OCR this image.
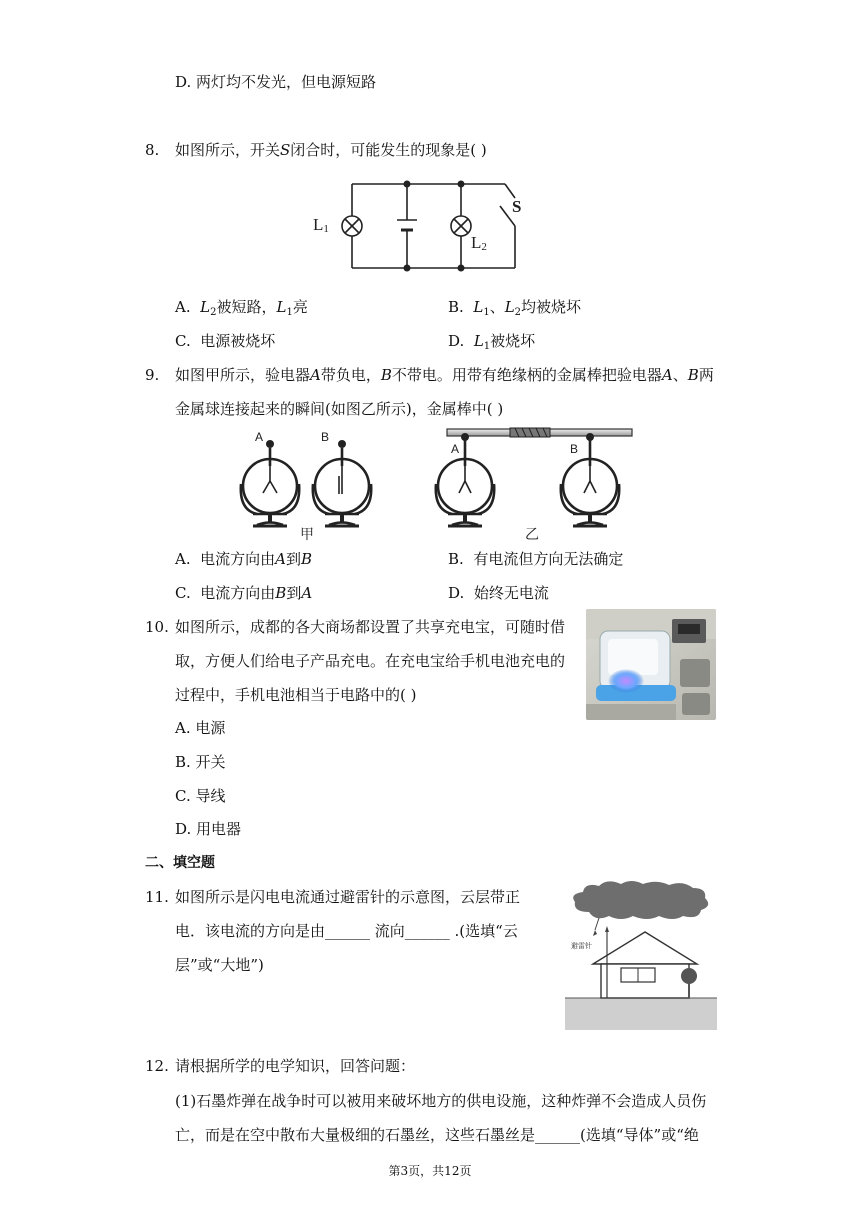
D. 两灯均不发光，但电源短路
8. 如图所示，开关S闭合时，可能发生的现象是( )
L1
L2
S
A. $L_2$被短路，$L_1$亮	B. $L_1$、$L_2$均被烧坏
C. 电源被烧坏	D. $L_1$被烧坏
9. 如图甲所示，验电器A带负电，B不带电。用带有绝缘柄的金属棒把验电器A、B两
金属球连接起来的瞬间(如图乙所示)，金属棒中( )
A	B
甲
A	B
乙
A. 电流方向由A到B	B. 有电流但方向无法确定
C. 电流方向由B到A	D. 始终无电流
10. 如图所示，成都的各大商场都设置了共享充电宝，可随时借
取，方便人们给电子产品充电。在充电宝给手机电池充电的
过程中，手机电池相当于电路中的( )
A. 电源
B. 开关
C. 导线
D. 用电器
二、填空题
11. 如图所示是闪电电流通过避雷针的示意图，云层带正
电．该电流的方向是由______ 流向______ .(选填“云
层”或“大地”)
避雷针
12. 请根据所学的电学知识，回答问题：
(1)石墨炸弹在战争时可以被用来破坏地方的供电设施，这种炸弹不会造成人员伤
亡，而是在空中散布大量极细的石墨丝，这些石墨丝是______(选填“导体”或“绝
第3页，共12页
